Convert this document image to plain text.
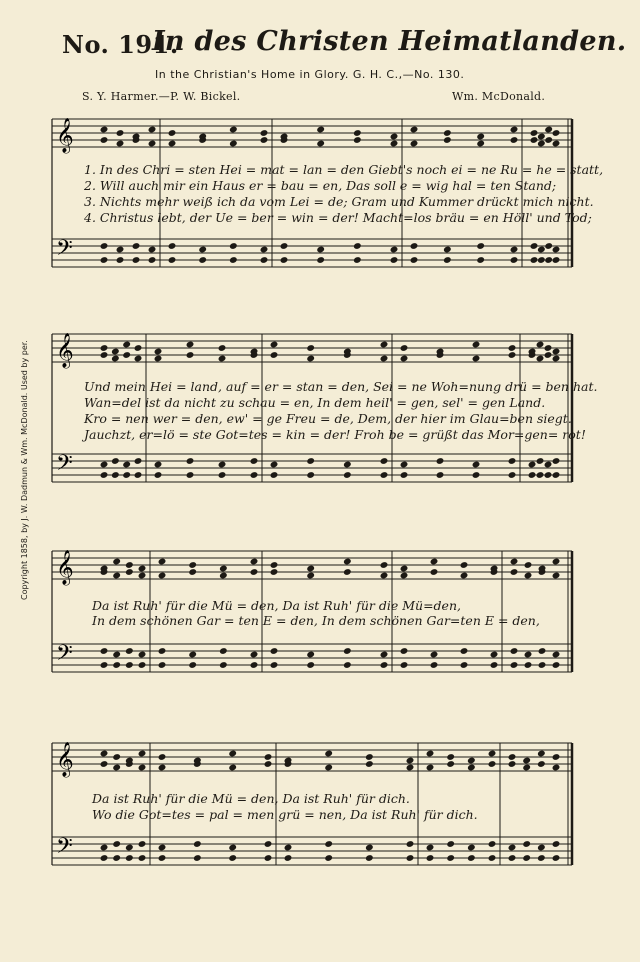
No. 191.
In des Christen Heimatlanden.
In the Christian's Home in Glory. G. H. C.,—No. 130.
S. Y. Harmer.—P. W. Bickel.	Wm. McDonald.
Copyright 1858, by J. W. Dadmun & Wm. McDonald. Used by per.
𝄞
𝄢
𝄞
𝄢
𝄞
𝄢
𝄞
𝄢
1. In des Chri = sten Hei = mat = lan = den Giebt's noch ei = ne Ru = he = statt,
2. Will auch mir ein Haus er = bau = en, Das soll e = wig hal = ten Stand;
3. Nichts mehr weiß ich da vom Lei = de; Gram und Kummer drückt mich nicht.
4. Christus lebt, der Ue = ber = win = der! Macht=los bräu = en Höll' und Tod;
Und mein Hei = land, auf = er = stan = den, Sei = ne Woh=nung drü = ben hat.
Wan=del ist da nicht zu schau = en, In dem heil' = gen, sel' = gen Land.
Kro = nen wer = den, ew' = ge Freu = de, Dem, der hier im Glau=ben siegt.
Jauchzt, er=lö = ste Got=tes = kin = der! Froh be = grüßt das Mor=gen= rot!
Da ist Ruh' für die Mü = den, Da ist Ruh' für die Mü=den,
In dem schönen Gar = ten E = den, In dem schönen Gar=ten E = den,
Da ist Ruh' für die Mü = den, Da ist Ruh' für dich.
Wo die Got=tes = pal = men grü = nen, Da ist Ruh' für dich.
